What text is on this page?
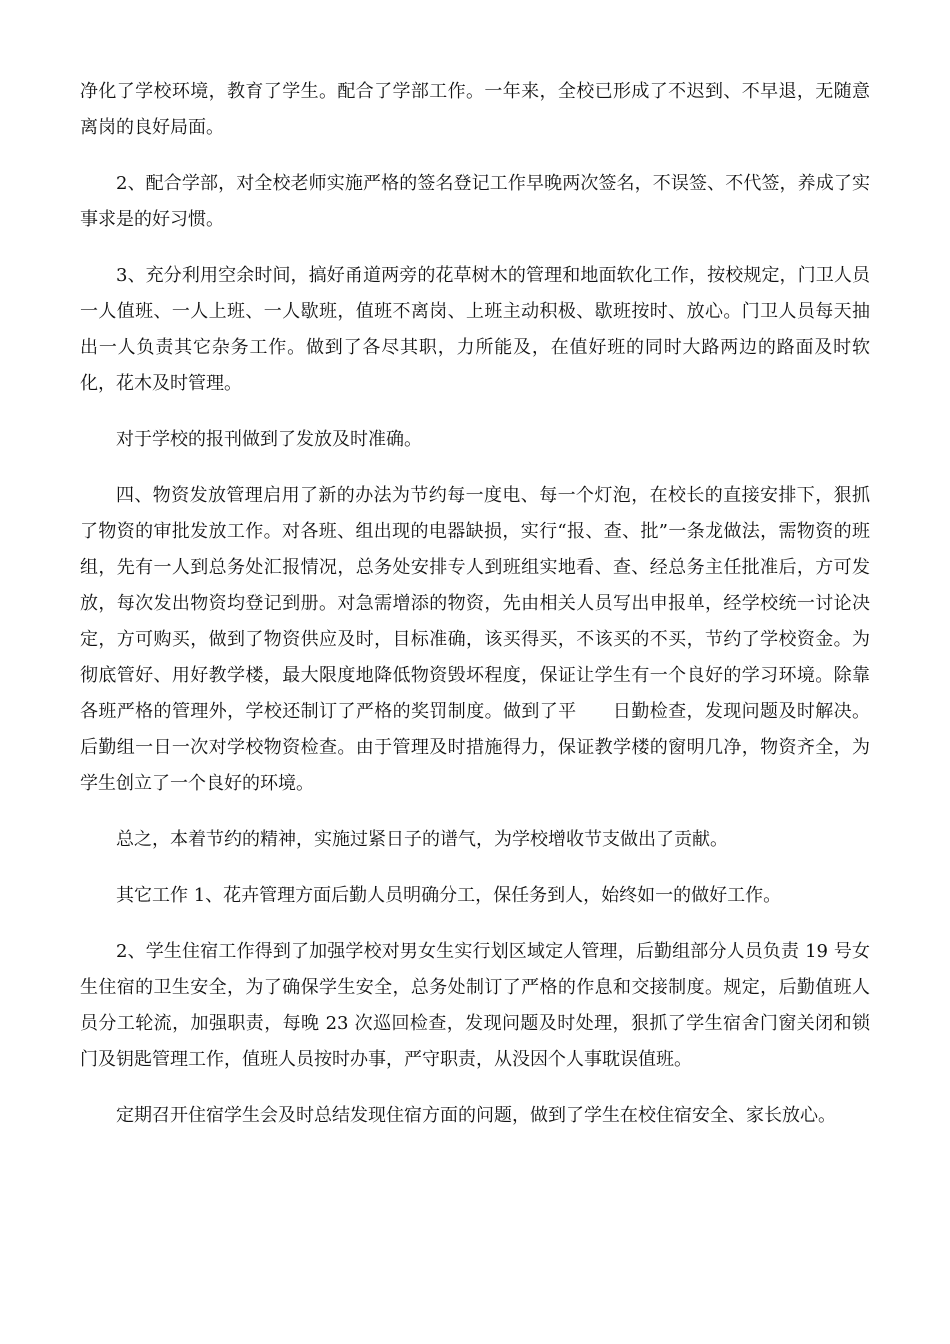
净化了学校环境，教育了学生。配合了学部工作。一年来，全校已形成了不迟到、不早退，无随意离岗的良好局面。

2、配合学部，对全校老师实施严格的签名登记工作早晚两次签名，不误签、不代签，养成了实事求是的好习惯。

3、充分利用空余时间，搞好甬道两旁的花草树木的管理和地面软化工作，按校规定，门卫人员一人值班、一人上班、一人歇班，值班不离岗、上班主动积极、歇班按时、放心。门卫人员每天抽出一人负责其它杂务工作。做到了各尽其职，力所能及，在值好班的同时大路两边的路面及时软化，花木及时管理。

对于学校的报刊做到了发放及时准确。

四、物资发放管理启用了新的办法为节约每一度电、每一个灯泡，在校长的直接安排下，狠抓了物资的审批发放工作。对各班、组出现的电器缺损，实行“报、查、批”一条龙做法，需物资的班组，先有一人到总务处汇报情况，总务处安排专人到班组实地看、查、经总务主任批准后，方可发放，每次发出物资均登记到册。对急需增添的物资，先由相关人员写出申报单，经学校统一讨论决定，方可购买，做到了物资供应及时，目标准确，该买得买，不该买的不买，节约了学校资金。为彻底管好、用好教学楼，最大限度地降低物资毁坏程度，保证让学生有一个良好的学习环境。除靠各班严格的管理外，学校还制订了严格的奖罚制度。做到了平 日勤检查，发现问题及时解决。后勤组一日一次对学校物资检查。由于管理及时措施得力，保证教学楼的窗明几净，物资齐全，为学生创立了一个良好的环境。

总之，本着节约的精神，实施过紧日子的谱气，为学校增收节支做出了贡献。

其它工作 1、花卉管理方面后勤人员明确分工，保任务到人，始终如一的做好工作。

2、学生住宿工作得到了加强学校对男女生实行划区域定人管理，后勤组部分人员负责 19 号女生住宿的卫生安全，为了确保学生安全，总务处制订了严格的作息和交接制度。规定，后勤值班人员分工轮流，加强职责，每晚 23 次巡回检查，发现问题及时处理，狠抓了学生宿舍门窗关闭和锁门及钥匙管理工作，值班人员按时办事，严守职责，从没因个人事耽误值班。

定期召开住宿学生会及时总结发现住宿方面的问题，做到了学生在校住宿安全、家长放心。
